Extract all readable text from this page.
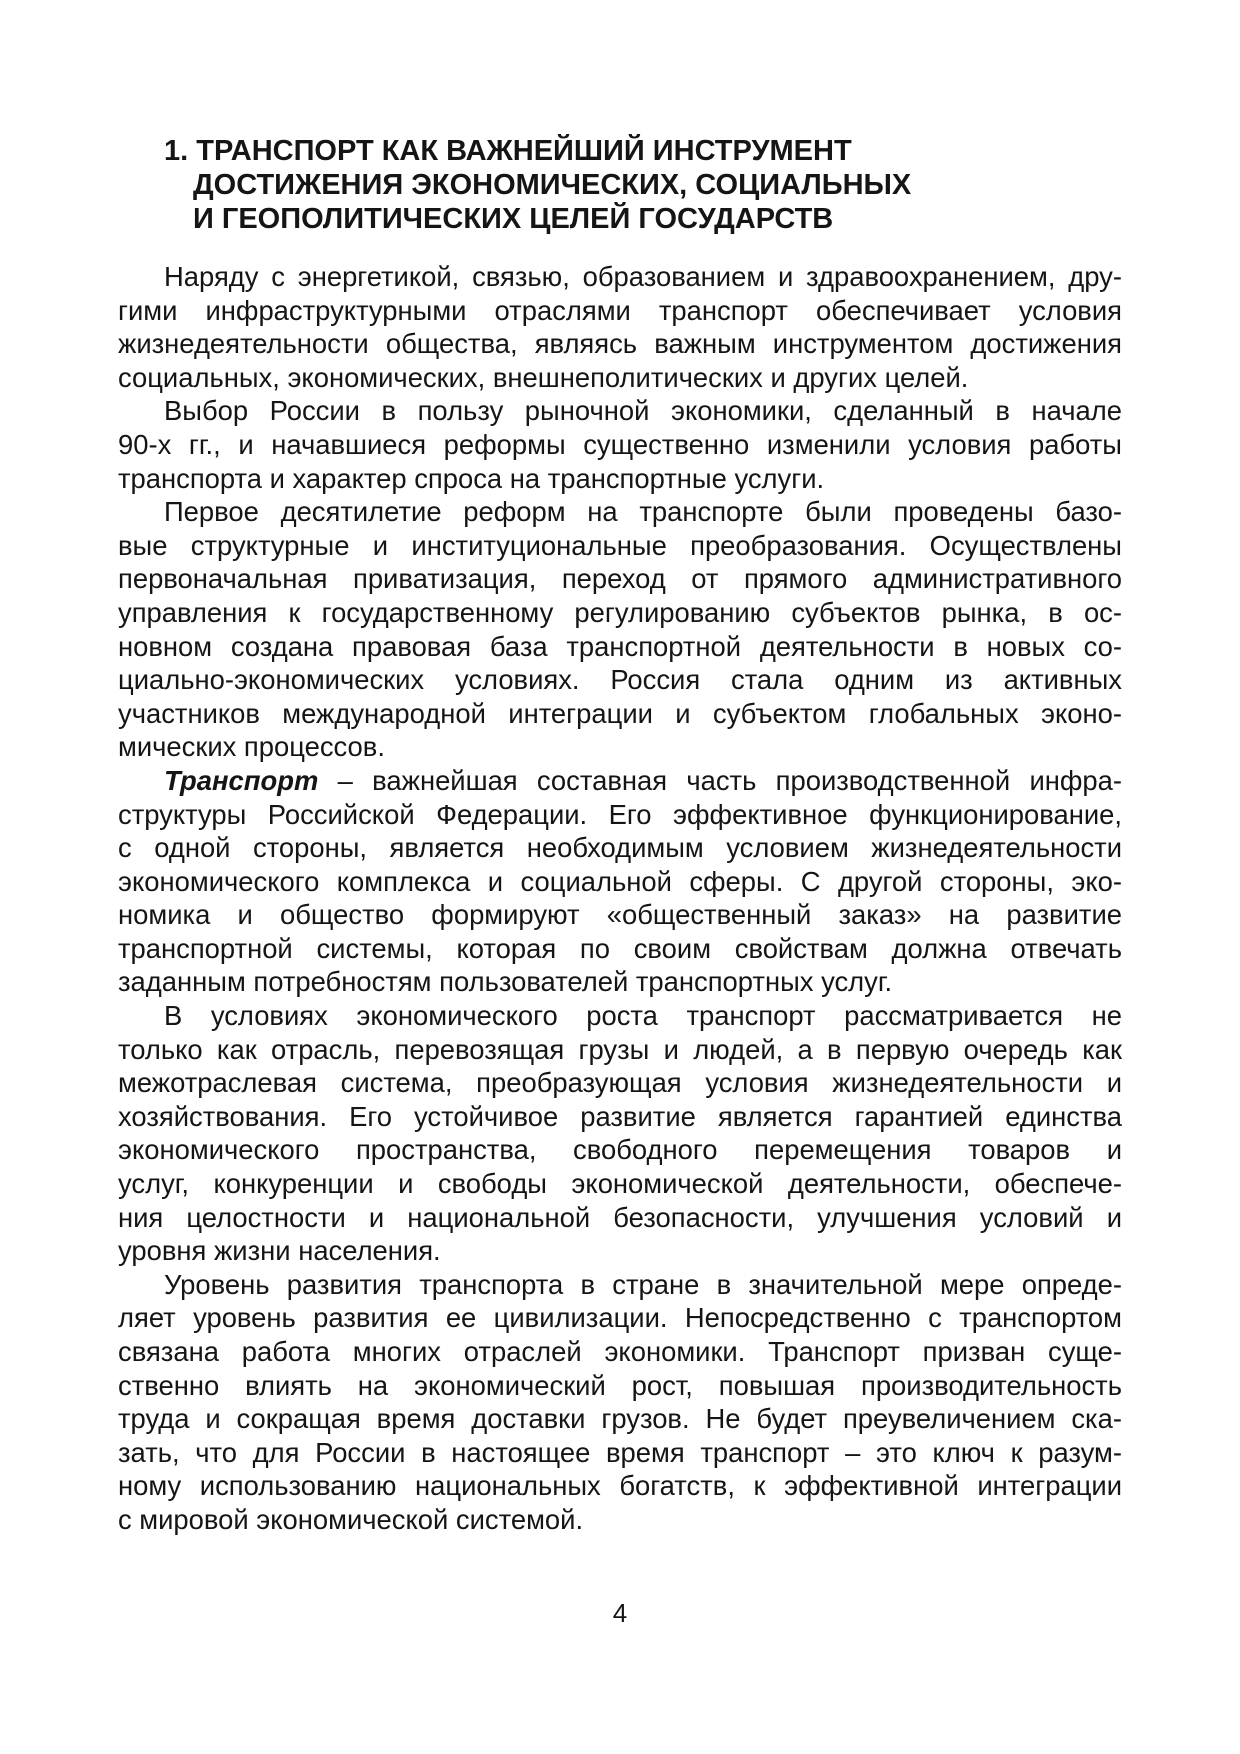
1. ТРАНСПОРТ КАК ВАЖНЕЙШИЙ ИНСТРУМЕНТ
ДОСТИЖЕНИЯ ЭКОНОМИЧЕСКИХ, СОЦИАЛЬНЫХ
И ГЕОПОЛИТИЧЕСКИХ ЦЕЛЕЙ ГОСУДАРСТВ

Наряду с энергетикой, связью, образованием и здравоохранением, дру-
гими инфраструктурными отраслями транспорт обеспечивает условия
жизнедеятельности общества, являясь важным инструментом достижения
социальных, экономических, внешнеполитических и других целей.

Выбор России в пользу рыночной экономики, сделанный в начале
90-х гг., и начавшиеся реформы существенно изменили условия работы
транспорта и характер спроса на транспортные услуги.

Первое десятилетие реформ на транспорте были проведены базо-
вые структурные и институциональные преобразования. Осуществлены
первоначальная приватизация, переход от прямого административного
управления к государственному регулированию субъектов рынка, в ос-
новном создана правовая база транспортной деятельности в новых со-
циально-экономических условиях. Россия стала одним из активных
участников международной интеграции и субъектом глобальных эконо-
мических процессов.

Транспорт – важнейшая составная часть производственной инфра-
структуры Российской Федерации. Его эффективное функционирование,
с одной стороны, является необходимым условием жизнедеятельности
экономического комплекса и социальной сферы. С другой стороны, эко-
номика и общество формируют «общественный заказ» на развитие
транспортной системы, которая по своим свойствам должна отвечать
заданным потребностям пользователей транспортных услуг.

В условиях экономического роста транспорт рассматривается не
только как отрасль, перевозящая грузы и людей, а в первую очередь как
межотраслевая система, преобразующая условия жизнедеятельности и
хозяйствования. Его устойчивое развитие является гарантией единства
экономического пространства, свободного перемещения товаров и
услуг, конкуренции и свободы экономической деятельности, обеспече-
ния целостности и национальной безопасности, улучшения условий и
уровня жизни населения.

Уровень развития транспорта в стране в значительной мере опреде-
ляет уровень развития ее цивилизации. Непосредственно с транспортом
связана работа многих отраслей экономики. Транспорт призван суще-
ственно влиять на экономический рост, повышая производительность
труда и сокращая время доставки грузов. Не будет преувеличением ска-
зать, что для России в настоящее время транспорт – это ключ к разум-
ному использованию национальных богатств, к эффективной интеграции
с мировой экономической системой.

4
